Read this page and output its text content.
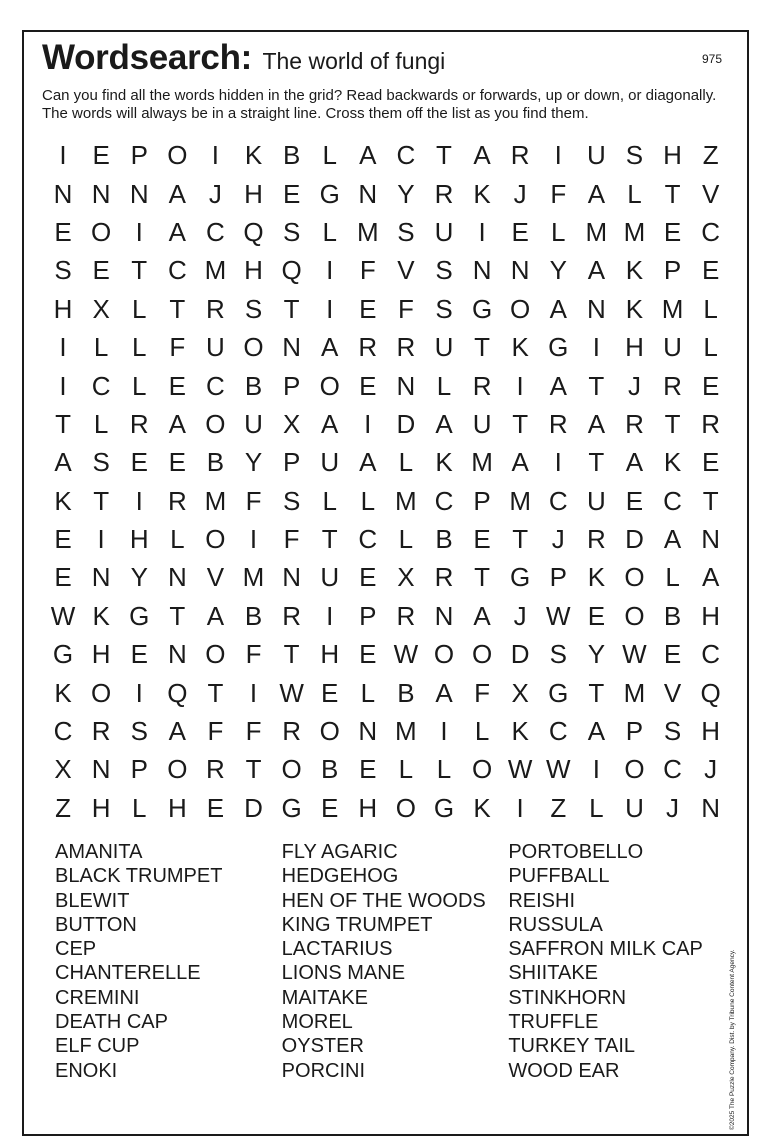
Wordsearch: The world of fungi	975
Can you find all the words hidden in the grid? Read backwards or forwards, up or down, or diagonally. The words will always be in a straight line. Cross them off the list as you find them.
I E P O I K B L A C T A R I U S H Z
N N N A J H E G N Y R K J F A L T V
E O I A C Q S L M S U I E L M M E C
S E T C M H Q I	F V S N N Y A K P E
H X L T R S T	I E F S G O A N K M L
I	L L F U O N A R R U T K G I H U L
I C L E C B P O E N L R I A T J R E
T L R A O U X A I D A U T R A R T R
A S E E B Y P U A L K M A I	T A K E
K T	I R M F S L L M C P M C U E C T
E I H L O I	F T C L B E T J R D A N
E N Y N V M N U E X R T G P K O L A
W K G T A B R I P R N A J W E O B H
G H E N O F T H E W O O D S Y W E C
K O I Q T	I W E L B A F X G T M V Q
C R S A F F R O N M I	L K C A P S H
X N P O R T O B E L L O W W I O C J
Z H L H E D G E H O G K I	Z L U J N
AMANITA
BLACK TRUMPET
BLEWIT
BUTTON
CEP
CHANTERELLE
CREMINI
DEATH CAP
ELF CUP
ENOKI
FLY AGARIC
HEDGEHOG
HEN OF THE WOODS
KING TRUMPET
LACTARIUS
LIONS MANE
MAITAKE
MOREL
OYSTER
PORCINI
PORTOBELLO
PUFFBALL
REISHI
RUSSULA
SAFFRON MILK CAP
SHIITAKE
STINKHORN
TRUFFLE
TURKEY TAIL
WOOD EAR	©2025 The Puzzle Company. Dist. by Tribune Content Agency.
